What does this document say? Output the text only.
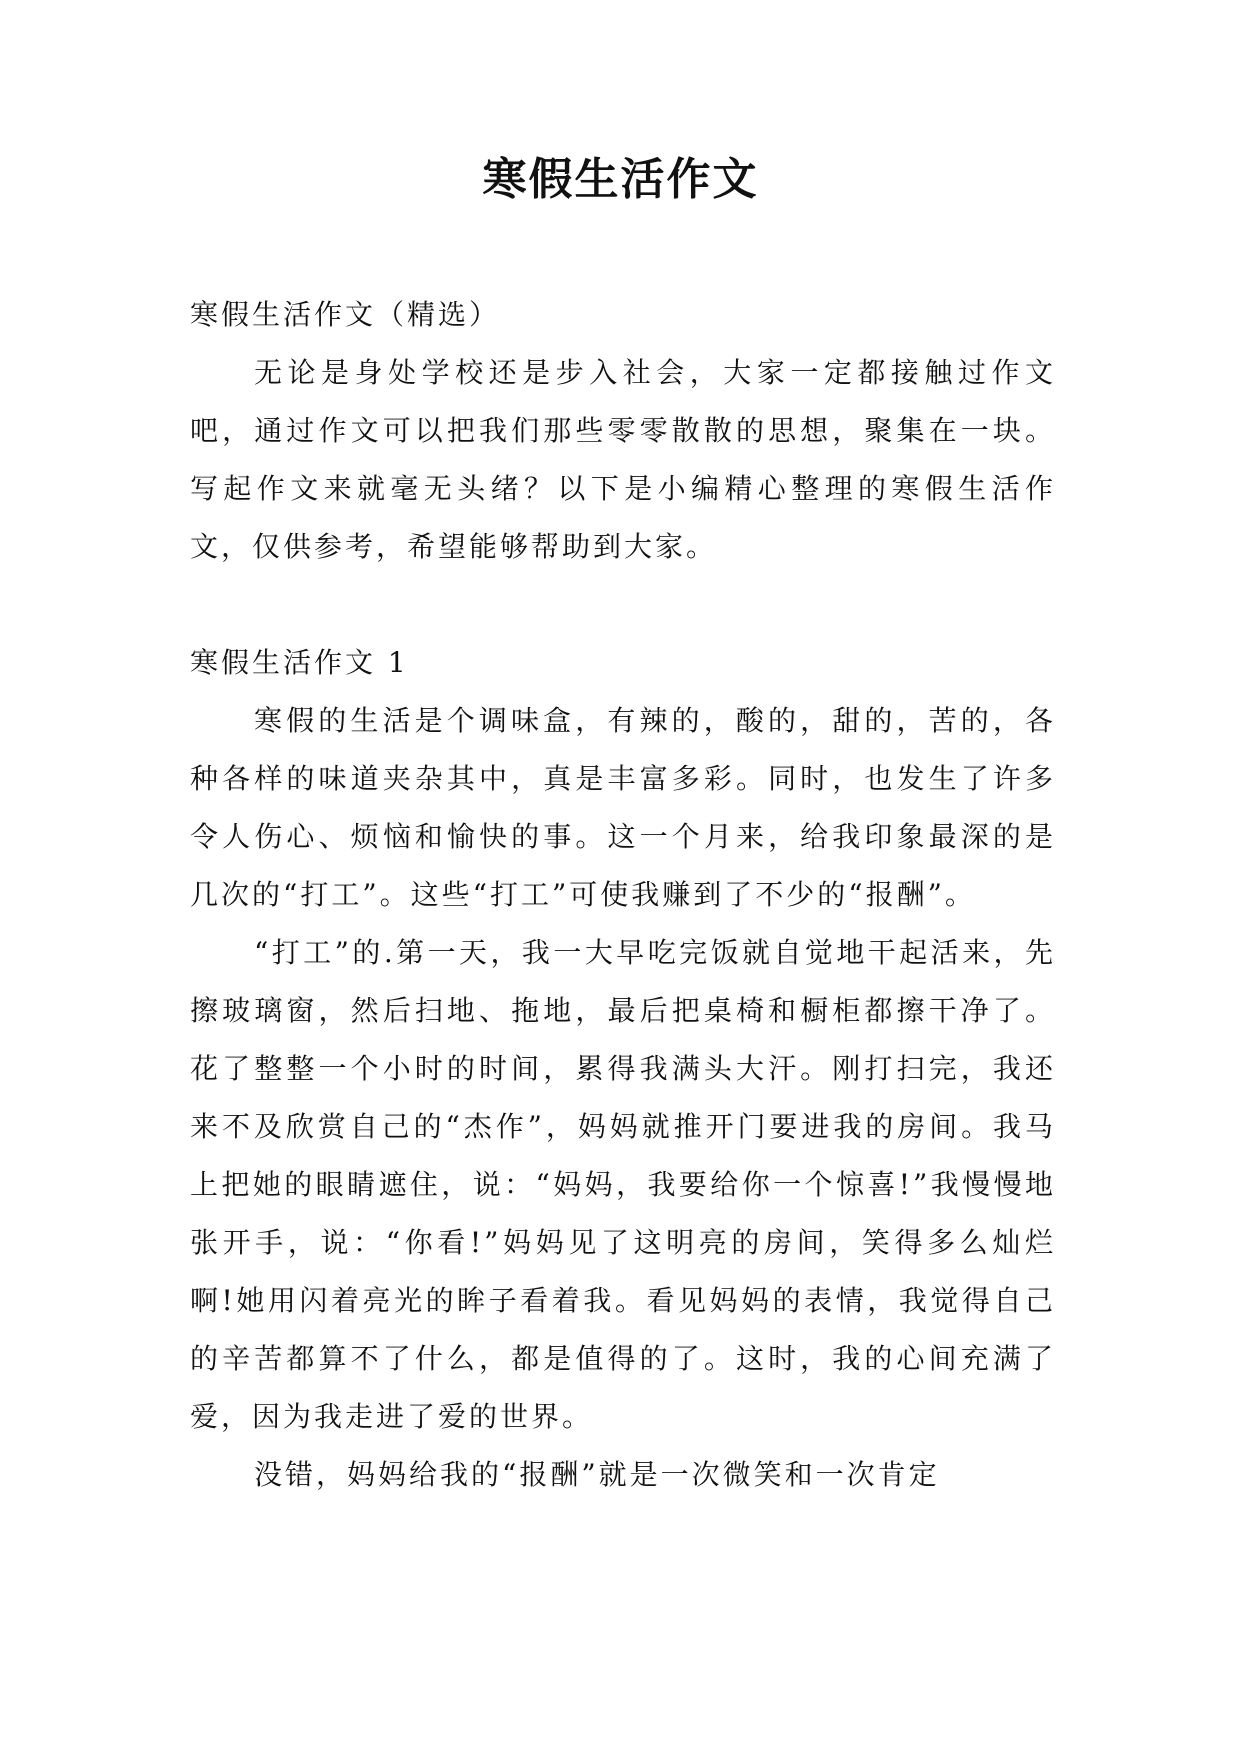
寒假生活作文

寒假生活作文（精选）

无论是身处学校还是步入社会，大家一定都接触过作文吧，通过作文可以把我们那些零零散散的思想，聚集在一块。写起作文来就毫无头绪？以下是小编精心整理的寒假生活作文，仅供参考，希望能够帮助到大家。

寒假生活作文 1

寒假的生活是个调味盒，有辣的，酸的，甜的，苦的，各种各样的味道夹杂其中，真是丰富多彩。同时，也发生了许多令人伤心、烦恼和愉快的事。这一个月来，给我印象最深的是几次的“打工”。这些“打工”可使我赚到了不少的“报酬”。

“打工”的.第一天，我一大早吃完饭就自觉地干起活来，先擦玻璃窗，然后扫地、拖地，最后把桌椅和橱柜都擦干净了。花了整整一个小时的时间，累得我满头大汗。刚打扫完，我还来不及欣赏自己的“杰作”，妈妈就推开门要进我的房间。我马上把她的眼睛遮住，说：“妈妈，我要给你一个惊喜!”我慢慢地张开手，说：“你看!”妈妈见了这明亮的房间，笑得多么灿烂啊!她用闪着亮光的眸子看着我。看见妈妈的表情，我觉得自己的辛苦都算不了什么，都是值得的了。这时，我的心间充满了爱，因为我走进了爱的世界。

没错，妈妈给我的“报酬”就是一次微笑和一次肯定
